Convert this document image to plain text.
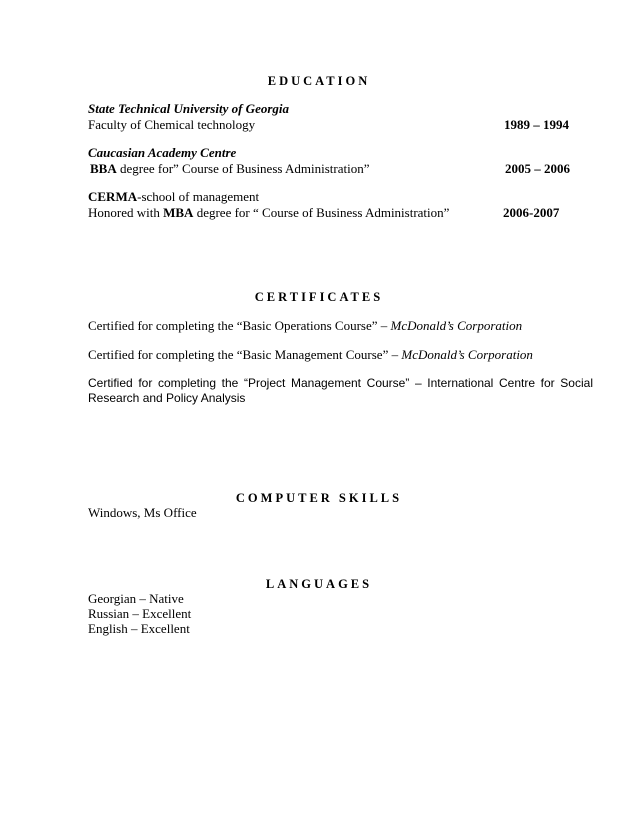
EDUCATION
State Technical University of Georgia
Faculty of Chemical technology	1989 – 1994
Caucasian Academy Centre
BBA degree for” Course of Business Administration”	2005 – 2006
CERMA-school of management
Honored with MBA degree for “ Course of Business Administration”	2006-2007
CERTIFICATES
Certified for completing the “Basic Operations Course” – McDonald’s Corporation
Certified for completing the “Basic Management Course” – McDonald’s Corporation
Certified for completing the “Project Management Course” – International Centre for Social
Research and Policy Analysis
COMPUTER SKILLS
Windows, Ms Office
LANGUAGES
Georgian – Native
Russian – Excellent
English – Excellent
